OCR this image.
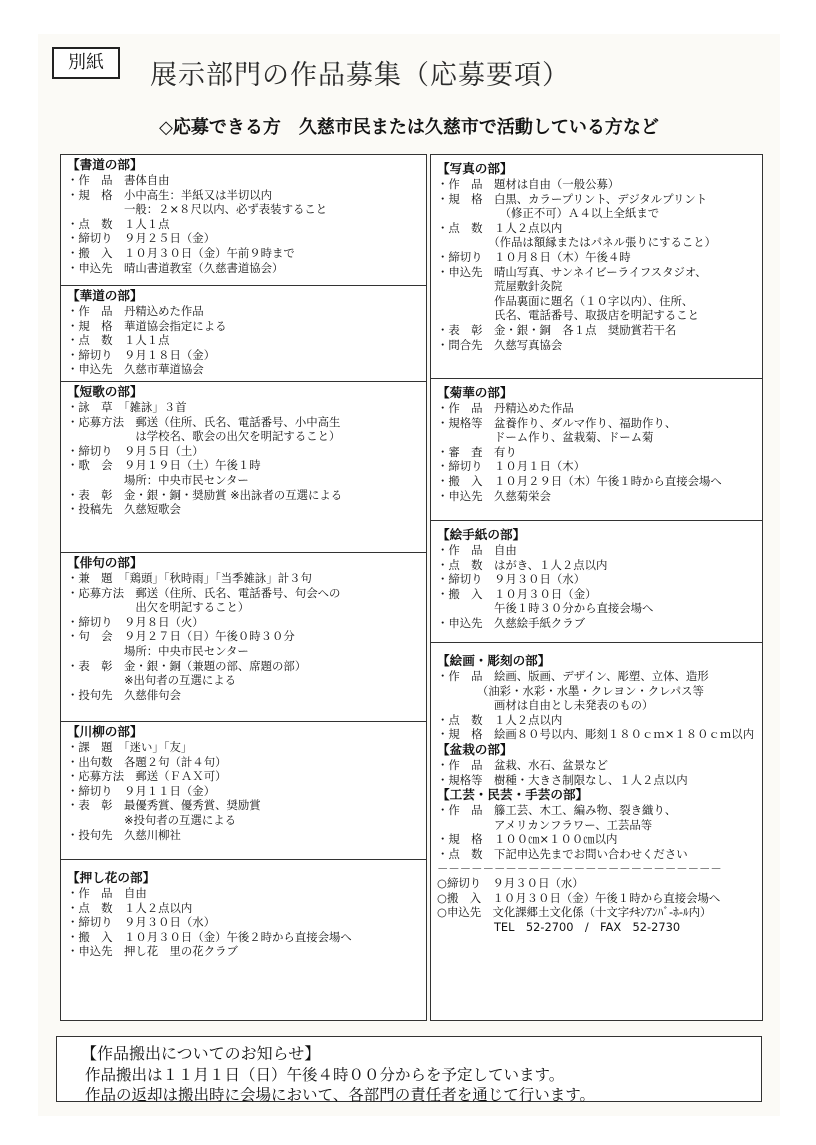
別紙	展示部門の作品募集（応募要項）
◇応募できる方　久慈市民または久慈市で活動している方など
【書道の部】
・作　品　書体自由
・規　格　小中高生：半紙又は半切以内
　　　　　一般：２×８尺以内、必ず表装すること
・点　数　１人１点
・締切り　９月２５日（金）
・搬　入　１０月３０日（金）午前９時まで
・申込先　晴山書道教室（久慈書道協会）
【華道の部】
・作　品　丹精込めた作品
・規　格　華道協会指定による
・点　数　１人１点
・締切り　９月１８日（金）
・申込先　久慈市華道協会
【短歌の部】
・詠　草　「雑詠」３首
・応募方法　郵送（住所、氏名、電話番号、小中高生
　　　　　　は学校名、歌会の出欠を明記すること）
・締切り　９月５日（土）
・歌　会　９月１９日（土）午後１時
　　　　　場所：中央市民センター
・表　彰　金・銀・銅・奨励賞 ※出詠者の互選による
・投稿先　久慈短歌会
【俳句の部】
・兼　題　「鶏頭」「秋時雨」「当季雑詠」計３句
・応募方法　郵送（住所、氏名、電話番号、句会への
　　　　　　出欠を明記すること）
・締切り　９月８日（火）
・句　会　９月２７日（日）午後０時３０分
　　　　　場所：中央市民センター
・表　彰　金・銀・銅（兼題の部、席題の部）
　　　　　※出句者の互選による
・投句先　久慈俳句会
【川柳の部】
・課　題　「迷い」「友」
・出句数　各題２句（計４句）
・応募方法　郵送（ＦＡＸ可）
・締切り　９月１１日（金）
・表　彰　最優秀賞、優秀賞、奨励賞
　　　　　※投句者の互選による
・投句先　久慈川柳社
【押し花の部】
・作　品　自由
・点　数　１人２点以内
・締切り　９月３０日（水）
・搬　入　１０月３０日（金）午後２時から直接会場へ
・申込先　押し花　里の花クラブ
【写真の部】
・作　品　題材は自由（一般公募）
・規　格　白黒、カラープリント、デジタルプリント
　　　　　　（修正不可）Ａ４以上全紙まで
・点　数　１人２点以内
　　　　　（作品は額縁またはパネル張りにすること）
・締切り　１０月８日（木）午後４時
・申込先　晴山写真、サンネイビーライフスタジオ、
　　　　　荒屋敷針灸院
　　　　　作品裏面に題名（１０字以内）、住所、
　　　　　氏名、電話番号、取扱店を明記すること
・表　彰　金・銀・銅　各１点　奨励賞若干名
・問合先　久慈写真協会
【菊華の部】
・作　品　丹精込めた作品
・規格等　盆養作り、ダルマ作り、福助作り、
　　　　　ドーム作り、盆栽菊、ドーム菊
・審　査　有り
・締切り　１０月１日（木）
・搬　入　１０月２９日（木）午後１時から直接会場へ
・申込先　久慈菊栄会
【絵手紙の部】
・作　品　自由
・点　数　はがき、１人２点以内
・締切り　９月３０日（水）
・搬　入　１０月３０日（金）
　　　　　午後１時３０分から直接会場へ
・申込先　久慈絵手紙クラブ
【絵画・彫刻の部】
・作　品　絵画、版画、デザイン、彫塑、立体、造形
　　　　（油彩・水彩・水墨・クレヨン・クレパス等
　　　　　画材は自由とし未発表のもの）
・点　数　１人２点以内
・規　格　絵画８０号以内、彫刻１８０ｃｍ×１８０ｃｍ以内
【盆栽の部】
・作　品　盆栽、水石、盆景など
・規格等　樹種・大きさ制限なし、１人２点以内
【工芸・民芸・手芸の部】
・作　品　籐工芸、木工、編み物、裂き織り、
　　　　　アメリカンフラワー、工芸品等
・規　格　１００㎝×１００㎝以内
・点　数　下記申込先までお問い合わせください
－－－－－－－－－－－－－－－－－－－－－－－－－
○締切り　９月３０日（水）
○搬　入　１０月３０日（金）午後１時から直接会場へ
○申込先　文化課郷土文化係（十文字ﾁｷﾝｱﾝﾊﾞ-ﾎ-ﾙ内）
　　　　　TEL　52-2700　/　FAX　52-2730
【作品搬出についてのお知らせ】
作品搬出は１１月１日（日）午後４時００分からを予定しています。
作品の返却は搬出時に会場において、各部門の責任者を通じて行います。
